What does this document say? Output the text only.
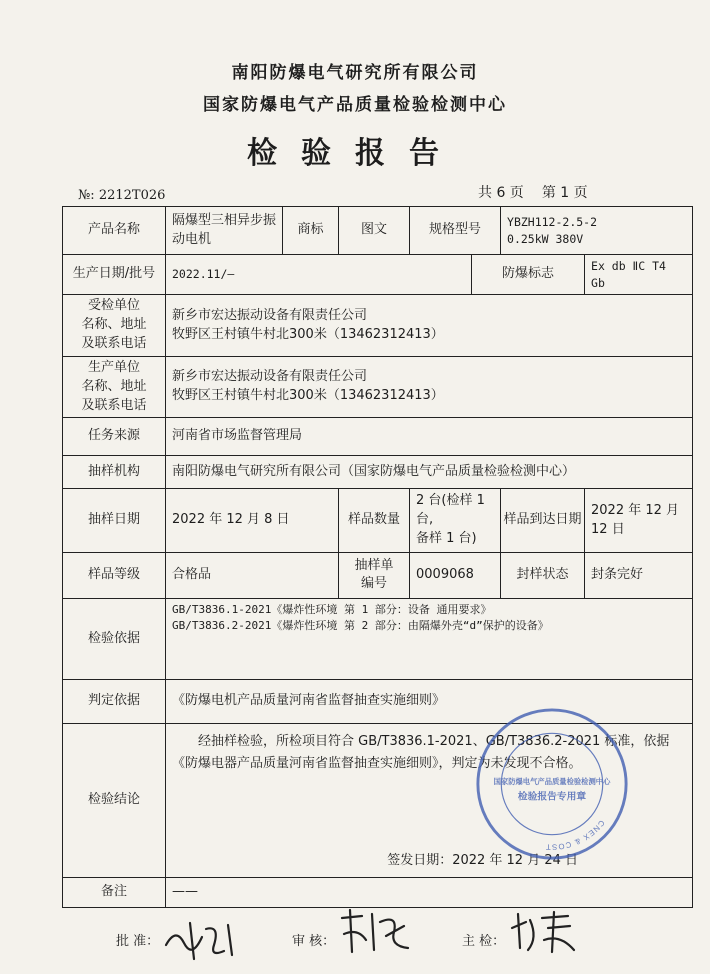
南阳防爆电气研究所有限公司
国家防爆电气产品质量检验检测中心
检验报告
№: 2212T026	共 6 页 第 1 页
产品名称	隔爆型三相异步振动电机	商标	图文	规格型号		YBZH112-2.5-2
0.25kW 380V	

生产日期/批号	2022.11/—				防爆标志		Ex db ⅡC T4 Gb

受检单位
名称、地址
及联系电话	新乡市宏达振动设备有限责任公司
牧野区王村镇牛村北300米（13462312413）						

生产单位
名称、地址
及联系电话	新乡市宏达振动设备有限责任公司
牧野区王村镇牛村北300米（13462312413）						

任务来源	河南省市场监督管理局						
抽样机构	南阳防爆电气研究所有限公司（国家防爆电气产品质量检验检测中心）						
抽样日期	2022 年 12 月 8 日		样品数量	2 台(检样 1 台,
备样 1 台)		样品到达日期	2022 年 12 月
12 日

样品等级	合格品		抽样单
编号	0009068		封样状态	封条完好
检验依据	GB/T3836.1-2021《爆炸性环境 第 1 部分：设备 通用要求》
GB/T3836.2-2021《爆炸性环境 第 2 部分：由隔爆外壳“d”保护的设备》						

判定依据	《防爆电机产品质量河南省监督抽查实施细则》						
检验结论	经抽样检验，所检项目符合 GB/T3836.1-2021、GB/T3836.2-2021 标准，依据《防爆电器产品质量河南省监督抽查实施细则》，判定为未发现不合格。
签发日期：2022 年 12 月 24 日						

备注	——						
CNEX & COST
国家防爆电气产品质量检验检测中心
检验报告专用章
批 准：	审 核：	主 检：
